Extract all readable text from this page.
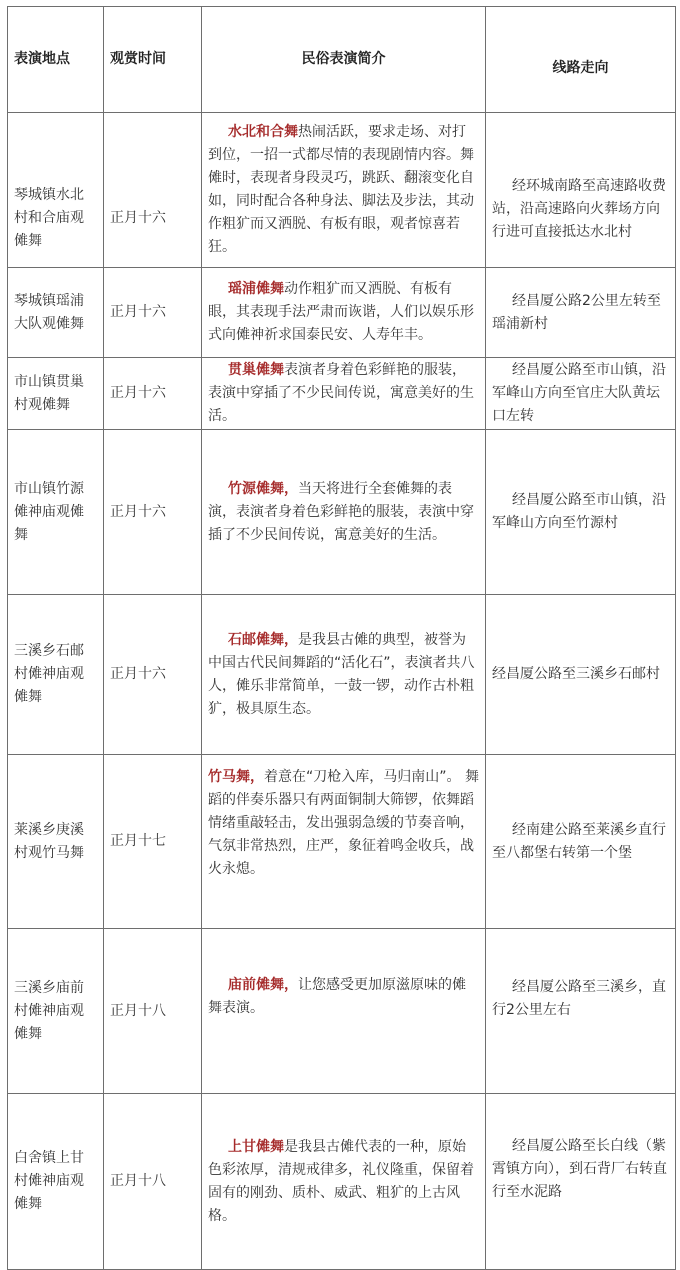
表演地点	观赏时间	民俗表演简介	线路走向

琴城镇水北村和合庙观傩舞	正月十六	水北和合舞热闹活跃，要求走场、对打到位，一招一式都尽情的表现剧情内容。舞傩时，表现者身段灵巧，跳跃、翻滚变化自如，同时配合各种身法、脚法及步法，其动作粗犷而又洒脱、有板有眼，观者惊喜若狂。	经环城南路至高速路收费站，沿高速路向火葬场方向行进可直接抵达水北村

琴城镇瑶浦大队观傩舞	正月十六	瑶浦傩舞动作粗犷而又洒脱、有板有眼，其表现手法严肃而诙谐，人们以娱乐形式向傩神祈求国泰民安、人寿年丰。	经昌厦公路2公里左转至瑶浦新村
市山镇贯巢村观傩舞	正月十六	贯巢傩舞表演者身着色彩鲜艳的服装，表演中穿插了不少民间传说，寓意美好的生活。	经昌厦公路至市山镇，沿军峰山方向至官庄大队黄坛口左转
市山镇竹源傩神庙观傩舞	正月十六	竹源傩舞，当天将进行全套傩舞的表演，表演者身着色彩鲜艳的服装，表演中穿插了不少民间传说，寓意美好的生活。	经昌厦公路至市山镇，沿军峰山方向至竹源村
三溪乡石邮村傩神庙观傩舞	正月十六	石邮傩舞，是我县古傩的典型，被誉为中国古代民间舞蹈的“活化石”，表演者共八人，傩乐非常简单，一鼓一锣，动作古朴粗犷，极具原生态。	经昌厦公路至三溪乡石邮村
莱溪乡庚溪村观竹马舞	正月十七	竹马舞，着意在“刀枪入库，马归南山”。 舞蹈的伴奏乐器只有两面铜制大筛锣，依舞蹈情绪重敲轻击，发出强弱急缓的节奏音响，气氛非常热烈，庄严，象征着鸣金收兵，战火永熄。	经南建公路至莱溪乡直行至八都堡右转第一个堡
三溪乡庙前村傩神庙观傩舞	正月十八	庙前傩舞，让您感受更加原滋原味的傩舞表演。	经昌厦公路至三溪乡，直行2公里左右

白舍镇上甘村傩神庙观傩舞	正月十八	上甘傩舞是我县古傩代表的一种，原始色彩浓厚，清规戒律多，礼仪隆重，保留着固有的刚劲、质朴、威武、粗犷的上古风格。	经昌厦公路至长白线（紫霄镇方向），到石背厂右转直行至水泥路
